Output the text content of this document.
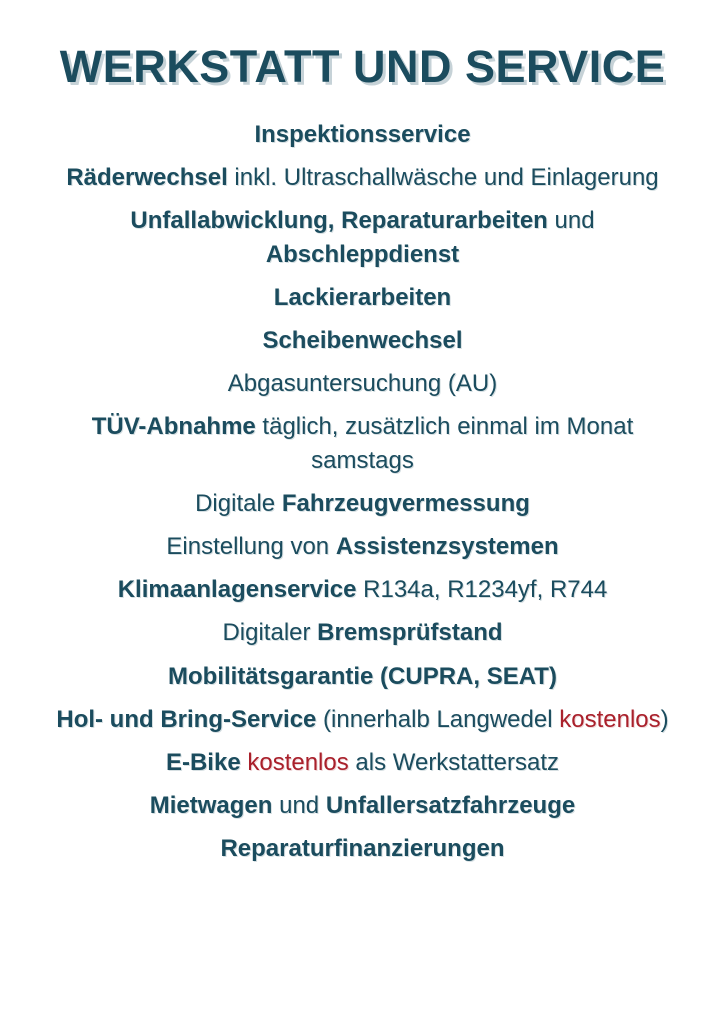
WERKSTATT UND SERVICE
Inspektionsservice
Räderwechsel inkl. Ultraschallwäsche und Einlagerung
Unfallabwicklung, Reparaturarbeiten und Abschleppdienst
Lackierarbeiten
Scheibenwechsel
Abgasuntersuchung (AU)
TÜV-Abnahme täglich, zusätzlich einmal im Monat samstags
Digitale Fahrzeugvermessung
Einstellung von Assistenzsystemen
Klimaanlagenservice R134a, R1234yf, R744
Digitaler Bremsprüfstand
Mobilitätsgarantie (CUPRA, SEAT)
Hol- und Bring-Service (innerhalb Langwedel kostenlos)
E-Bike kostenlos als Werkstattersatz
Mietwagen und Unfallersatzfahrzeuge
Reparaturfinanzierungen
